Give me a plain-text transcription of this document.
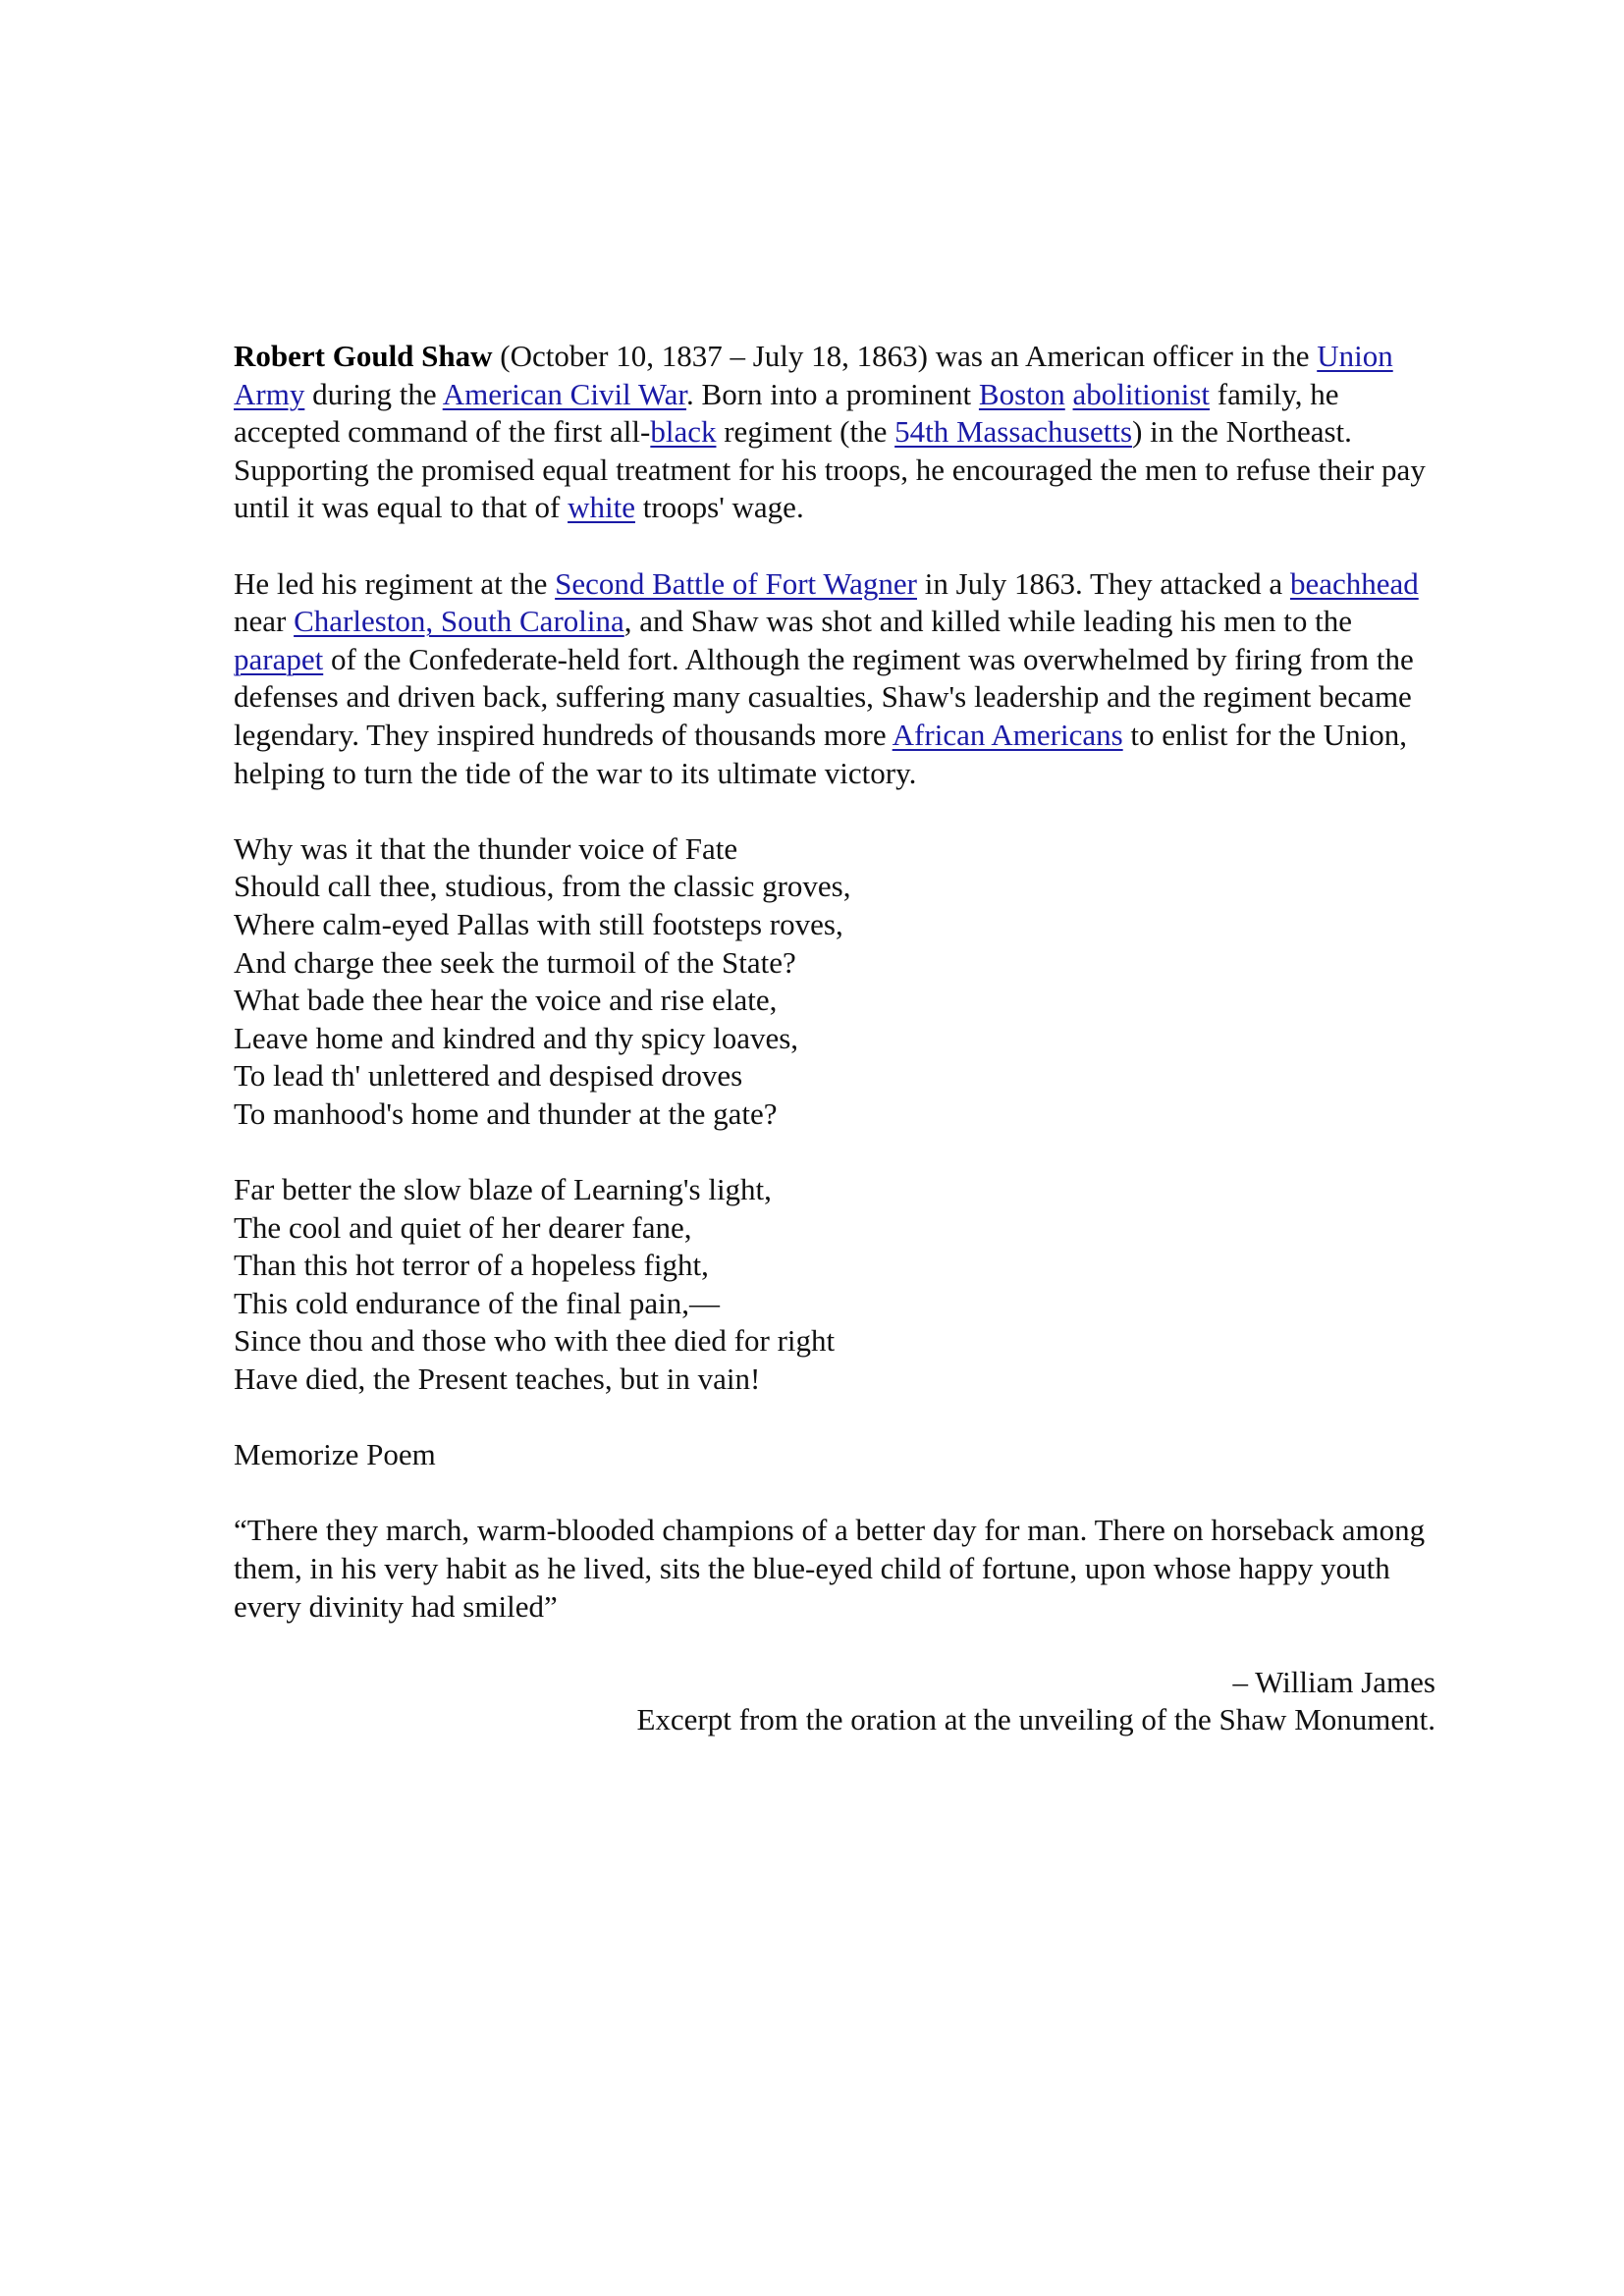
Robert Gould Shaw (October 10, 1837 – July 18, 1863) was an American officer in the Union Army during the American Civil War. Born into a prominent Boston abolitionist family, he accepted command of the first all-black regiment (the 54th Massachusetts) in the Northeast. Supporting the promised equal treatment for his troops, he encouraged the men to refuse their pay until it was equal to that of white troops' wage.

He led his regiment at the Second Battle of Fort Wagner in July 1863. They attacked a beachhead near Charleston, South Carolina, and Shaw was shot and killed while leading his men to the parapet of the Confederate-held fort. Although the regiment was overwhelmed by firing from the defenses and driven back, suffering many casualties, Shaw's leadership and the regiment became legendary. They inspired hundreds of thousands more African Americans to enlist for the Union, helping to turn the tide of the war to its ultimate victory.

Why was it that the thunder voice of Fate
Should call thee, studious, from the classic groves,
Where calm-eyed Pallas with still footsteps roves,
And charge thee seek the turmoil of the State?
What bade thee hear the voice and rise elate,
Leave home and kindred and thy spicy loaves,
To lead th' unlettered and despised droves
To manhood's home and thunder at the gate?
Far better the slow blaze of Learning's light,
The cool and quiet of her dearer fane,
Than this hot terror of a hopeless fight,
This cold endurance of the final pain,—
Since thou and those who with thee died for right
Have died, the Present teaches, but in vain!

Memorize Poem

“There they march, warm-blooded champions of a better day for man. There on horseback among them, in his very habit as he lived, sits the blue-eyed child of fortune, upon whose happy youth every divinity had smiled”

– William James
Excerpt from the oration at the unveiling of the Shaw Monument.
